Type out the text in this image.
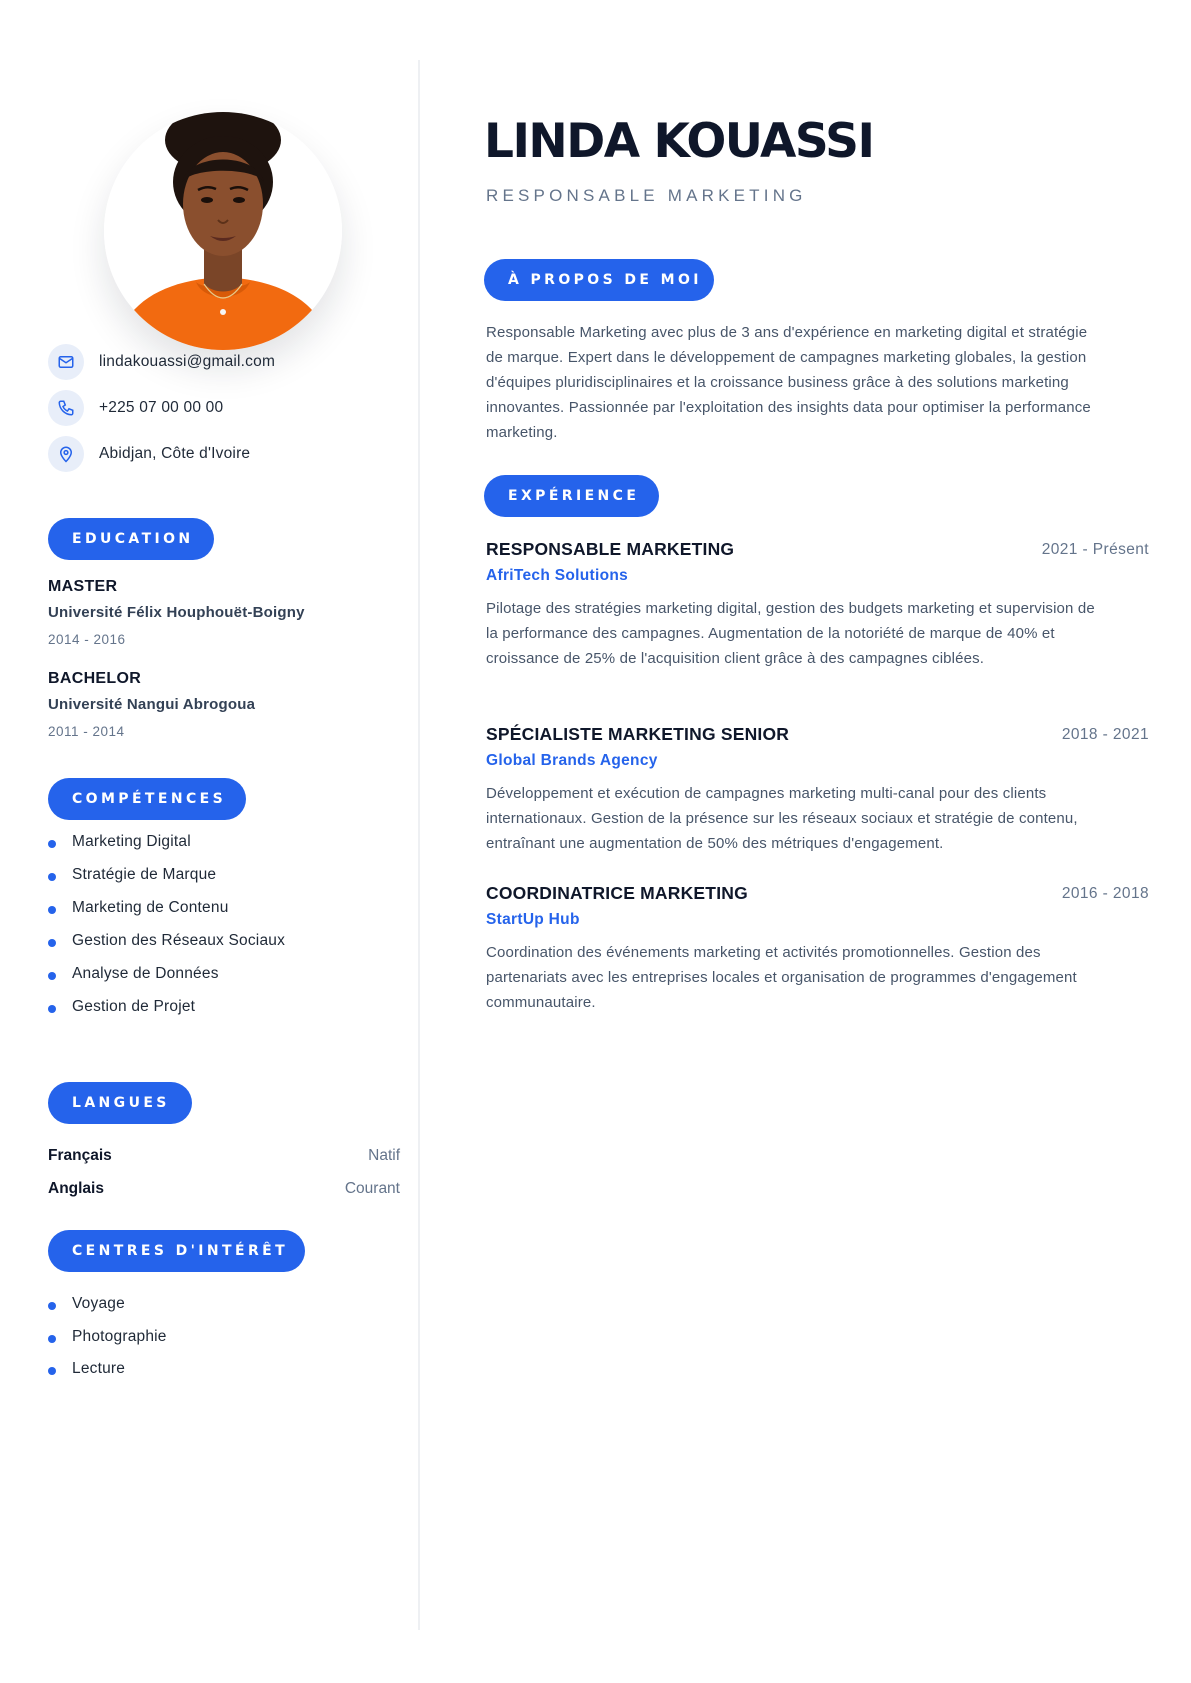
lindakouassi@gmail.com
+225 07 00 00 00
Abidjan, Côte d'Ivoire
EDUCATION
MASTER
Université Félix Houphouët-Boigny
2014 - 2016
BACHELOR
Université Nangui Abrogoua
2011 - 2014
COMPÉTENCES
Marketing Digital
Stratégie de Marque
Marketing de Contenu
Gestion des Réseaux Sociaux
Analyse de Données
Gestion de Projet
LANGUES
Français	Natif
Anglais	Courant
CENTRES D'INTÉRÊT
Voyage
Photographie
Lecture
LINDA KOUASSI
RESPONSABLE MARKETING
À PROPOS DE MOI
Responsable Marketing avec plus de 3 ans d'expérience en marketing digital et stratégie
de marque. Expert dans le développement de campagnes marketing globales, la gestion
d'équipes pluridisciplinaires et la croissance business grâce à des solutions marketing
innovantes. Passionnée par l'exploitation des insights data pour optimiser la performance
marketing.
EXPÉRIENCE
RESPONSABLE MARKETING	2021 - Présent
AfriTech Solutions
Pilotage des stratégies marketing digital, gestion des budgets marketing et supervision de
la performance des campagnes. Augmentation de la notoriété de marque de 40% et
croissance de 25% de l'acquisition client grâce à des campagnes ciblées.
SPÉCIALISTE MARKETING SENIOR	2018 - 2021
Global Brands Agency
Développement et exécution de campagnes marketing multi-canal pour des clients
internationaux. Gestion de la présence sur les réseaux sociaux et stratégie de contenu,
entraînant une augmentation de 50% des métriques d'engagement.
COORDINATRICE MARKETING	2016 - 2018
StartUp Hub
Coordination des événements marketing et activités promotionnelles. Gestion des
partenariats avec les entreprises locales et organisation de programmes d'engagement
communautaire.
